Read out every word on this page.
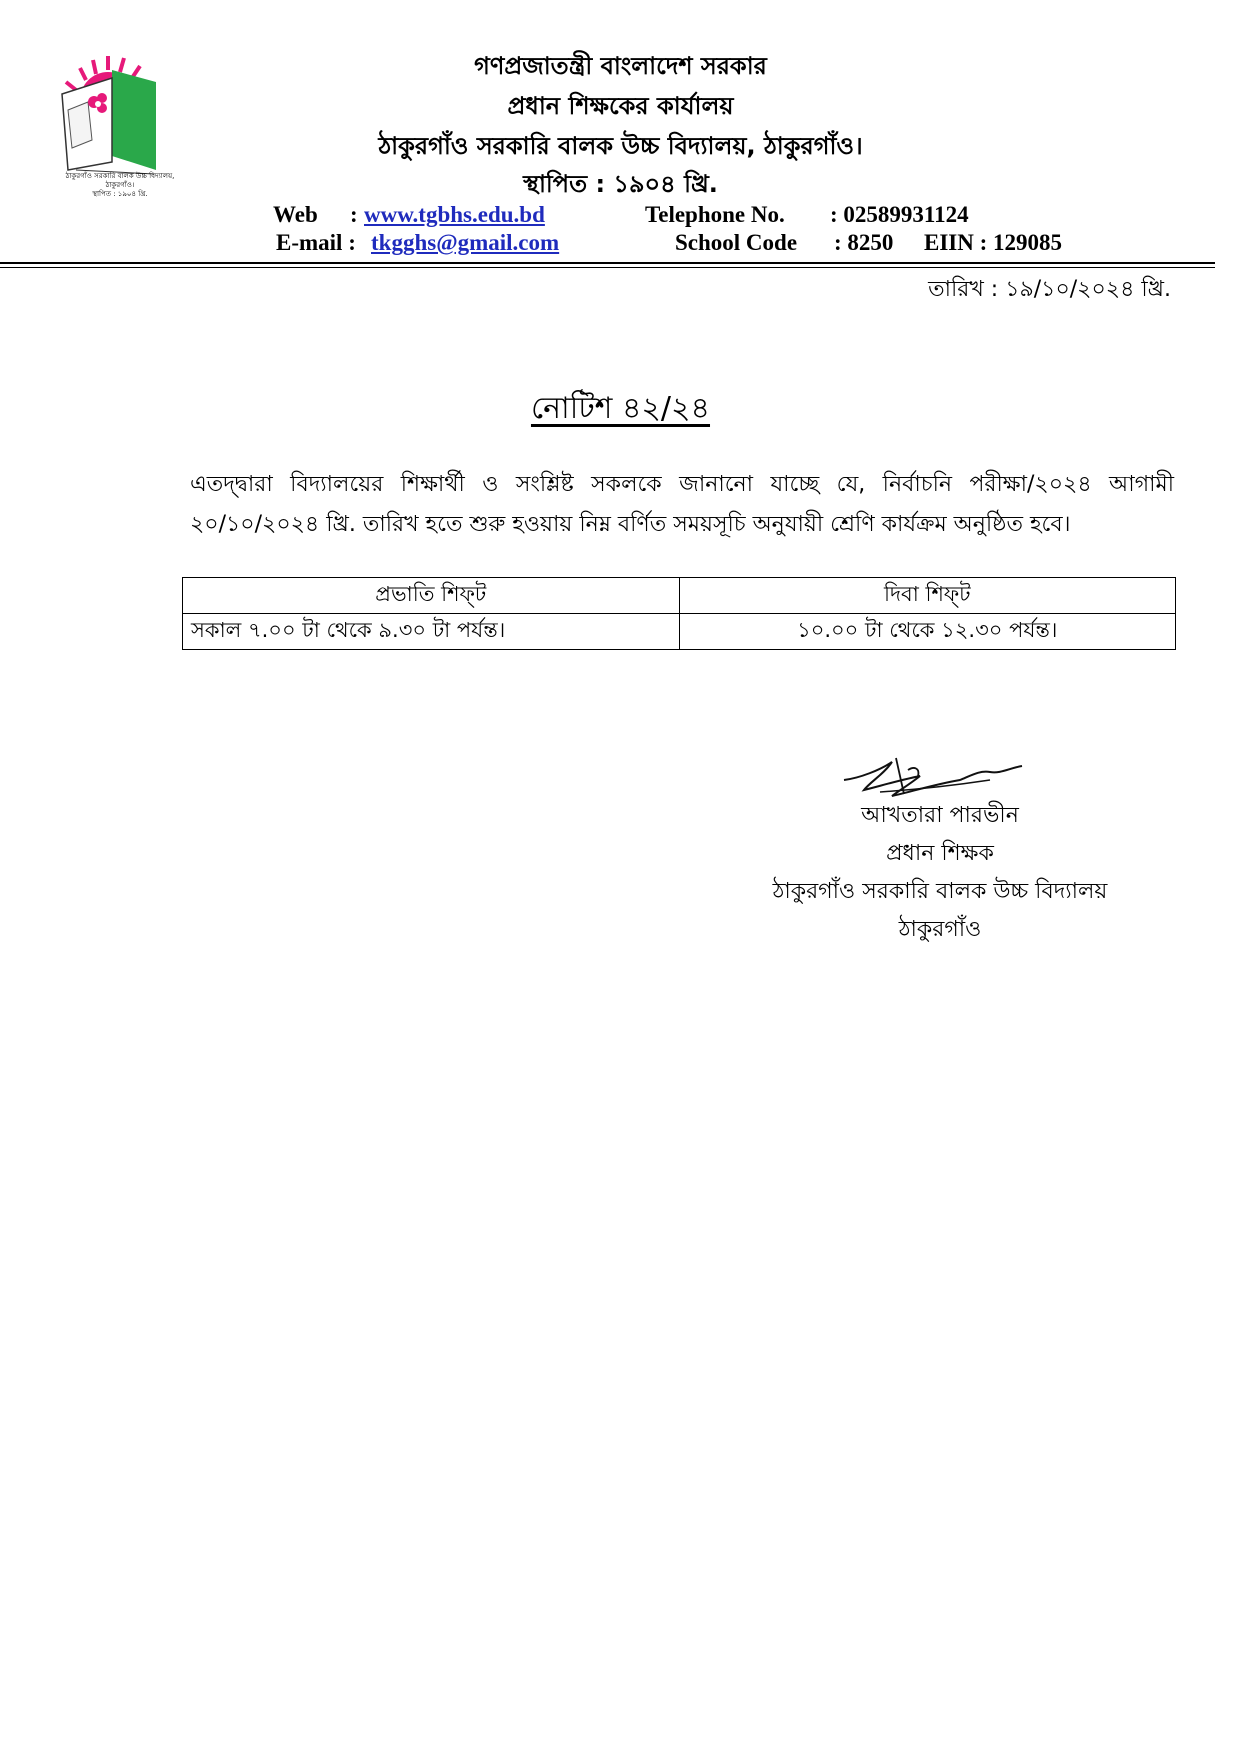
ঠাকুরগাঁও সরকারি বালক উচ্চ বিদ্যালয়, ঠাকুরগাঁও।
স্থাপিত : ১৯০৪ খ্রি.
গণপ্রজাতন্ত্রী বাংলাদেশ সরকার
প্রধান শিক্ষকের কার্যালয়
ঠাকুরগাঁও সরকারি বালক উচ্চ বিদ্যালয়, ঠাকুরগাঁও।
স্থাপিত : ১৯০৪ খ্রি.
Web : www.tgbhs.edu.bd	Telephone No. : 02589931124
E-mail : tkgghs@gmail.com	School Code : 8250 EIIN : 129085
তারিখ : ১৯/১০/২০২৪ খ্রি.
নোটিশ ৪২/২৪
এতদ্দ্বারা বিদ্যালয়ের শিক্ষার্থী ও সংশ্লিষ্ট সকলকে জানানো যাচ্ছে যে, নির্বাচনি পরীক্ষা/২০২৪ আগামী ২০/১০/২০২৪ খ্রি. তারিখ হতে শুরু হওয়ায় নিম্ন বর্ণিত সময়সূচি অনুযায়ী শ্রেণি কার্যক্রম অনুষ্ঠিত হবে।
প্রভাতি শিফ্‌ট	দিবা শিফ্‌ট
সকাল ৭.০০ টা থেকে ৯.৩০ টা পর্যন্ত।	১০.০০ টা থেকে ১২.৩০ পর্যন্ত।
আখতারা পারভীন
প্রধান শিক্ষক
ঠাকুরগাঁও সরকারি বালক উচ্চ বিদ্যালয়
ঠাকুরগাঁও
